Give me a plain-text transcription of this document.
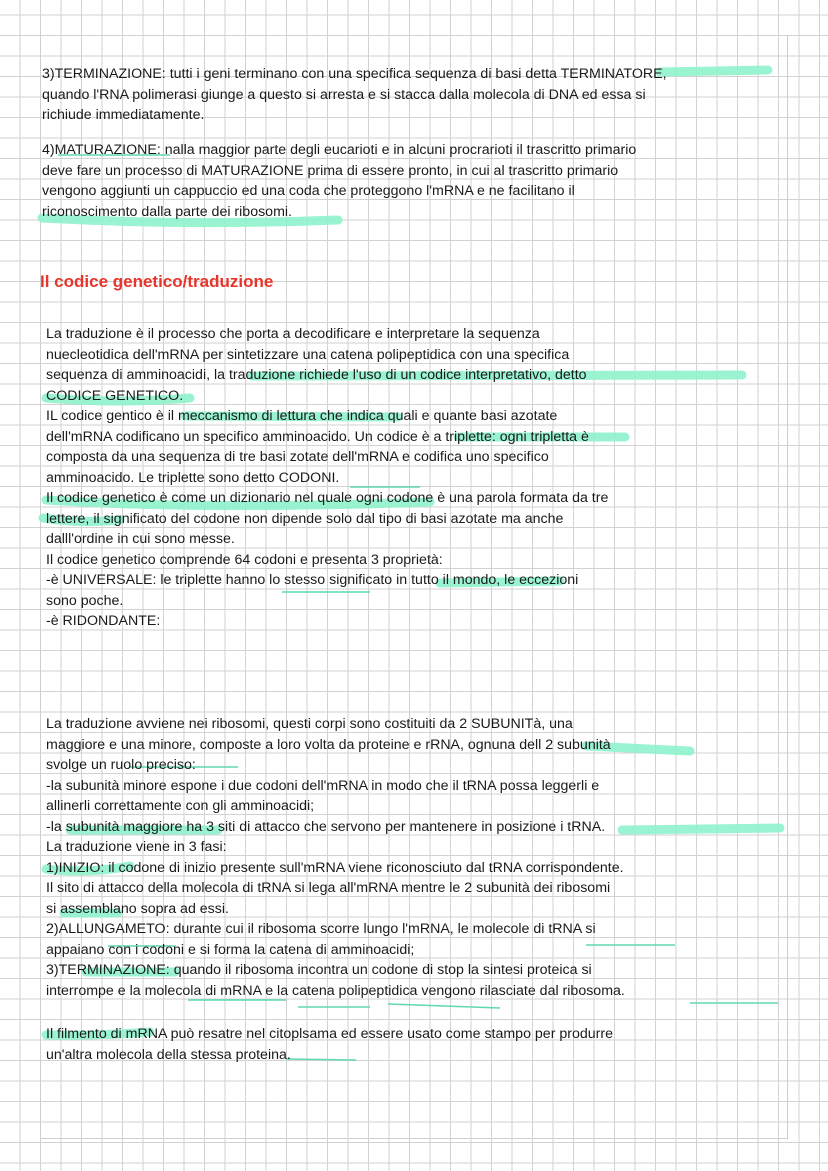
3)TERMINAZIONE: tutti i geni terminano con una specifica sequenza di basi detta TERMINATORE,
quando l'RNA polimerasi giunge a questo si arresta e si stacca dalla molecola di DNA ed essa si
richiude immediatamente.

4)MATURAZIONE: nalla maggior parte degli eucarioti e in alcuni procrarioti il trascritto primario
deve fare un processo di MATURAZIONE prima di essere pronto, in cui al trascritto primario
vengono aggiunti un cappuccio ed una coda che proteggono l'mRNA e ne facilitano il
riconoscimento dalla parte dei ribosomi.

Il codice genetico/traduzione

La traduzione è il processo che porta a decodificare e interpretare la sequenza
nuecleotidica dell'mRNA per sintetizzare una catena polipeptidica con una specifica
sequenza di amminoacidi, la traduzione richiede l'uso di un codice interpretativo, detto
CODICE GENETICO.
IL codice gentico è il meccanismo di lettura che indica quali e quante basi azotate
dell'mRNA codificano un specifico amminoacido. Un codice è a triplette: ogni tripletta è
composta da una sequenza di tre basi zotate dell'mRNA e codifica uno specifico
amminoacido. Le triplette sono detto CODONI.
Il codice genetico è come un dizionario nel quale ogni codone è una parola formata da tre
lettere, il significato del codone non dipende solo dal tipo di basi azotate ma anche
dalll'ordine in cui sono messe.
Il codice genetico comprende 64 codoni e presenta 3 proprietà:
-è UNIVERSALE: le triplette hanno lo stesso significato in tutto il mondo, le eccezioni
sono poche.
-è RIDONDANTE:

La traduzione avviene nei ribosomi, questi corpi sono costituiti da 2 SUBUNITà, una
maggiore e una minore, composte a loro volta da proteine e rRNA, ognuna dell 2 subunità
svolge un ruolo preciso:
-la subunità minore espone i due codoni dell'mRNA in modo che il tRNA possa leggerli e
allinerli correttamente con gli amminoacidi;
-la subunità maggiore ha 3 siti di attacco che servono per mantenere in posizione i tRNA.
La traduzione viene in 3 fasi:
1)INIZIO: il codone di inizio presente sull'mRNA viene riconosciuto dal tRNA corrispondente.
Il sito di attacco della molecola di tRNA si lega all'mRNA mentre le 2 subunità dei ribosomi
si assemblano sopra ad essi.
2)ALLUNGAMETO: durante cui il ribosoma scorre lungo l'mRNA, le molecole di tRNA si
appaiano con i codoni e si forma la catena di amminoacidi;
3)TERMINAZIONE: quando il ribosoma incontra un codone di stop la sintesi proteica si
interrompe e la molecola di mRNA e la catena polipeptidica vengono rilasciate dal ribosoma.

Il filmento di mRNA può resatre nel citoplsama ed essere usato come stampo per produrre
un'altra molecola della stessa proteina.
